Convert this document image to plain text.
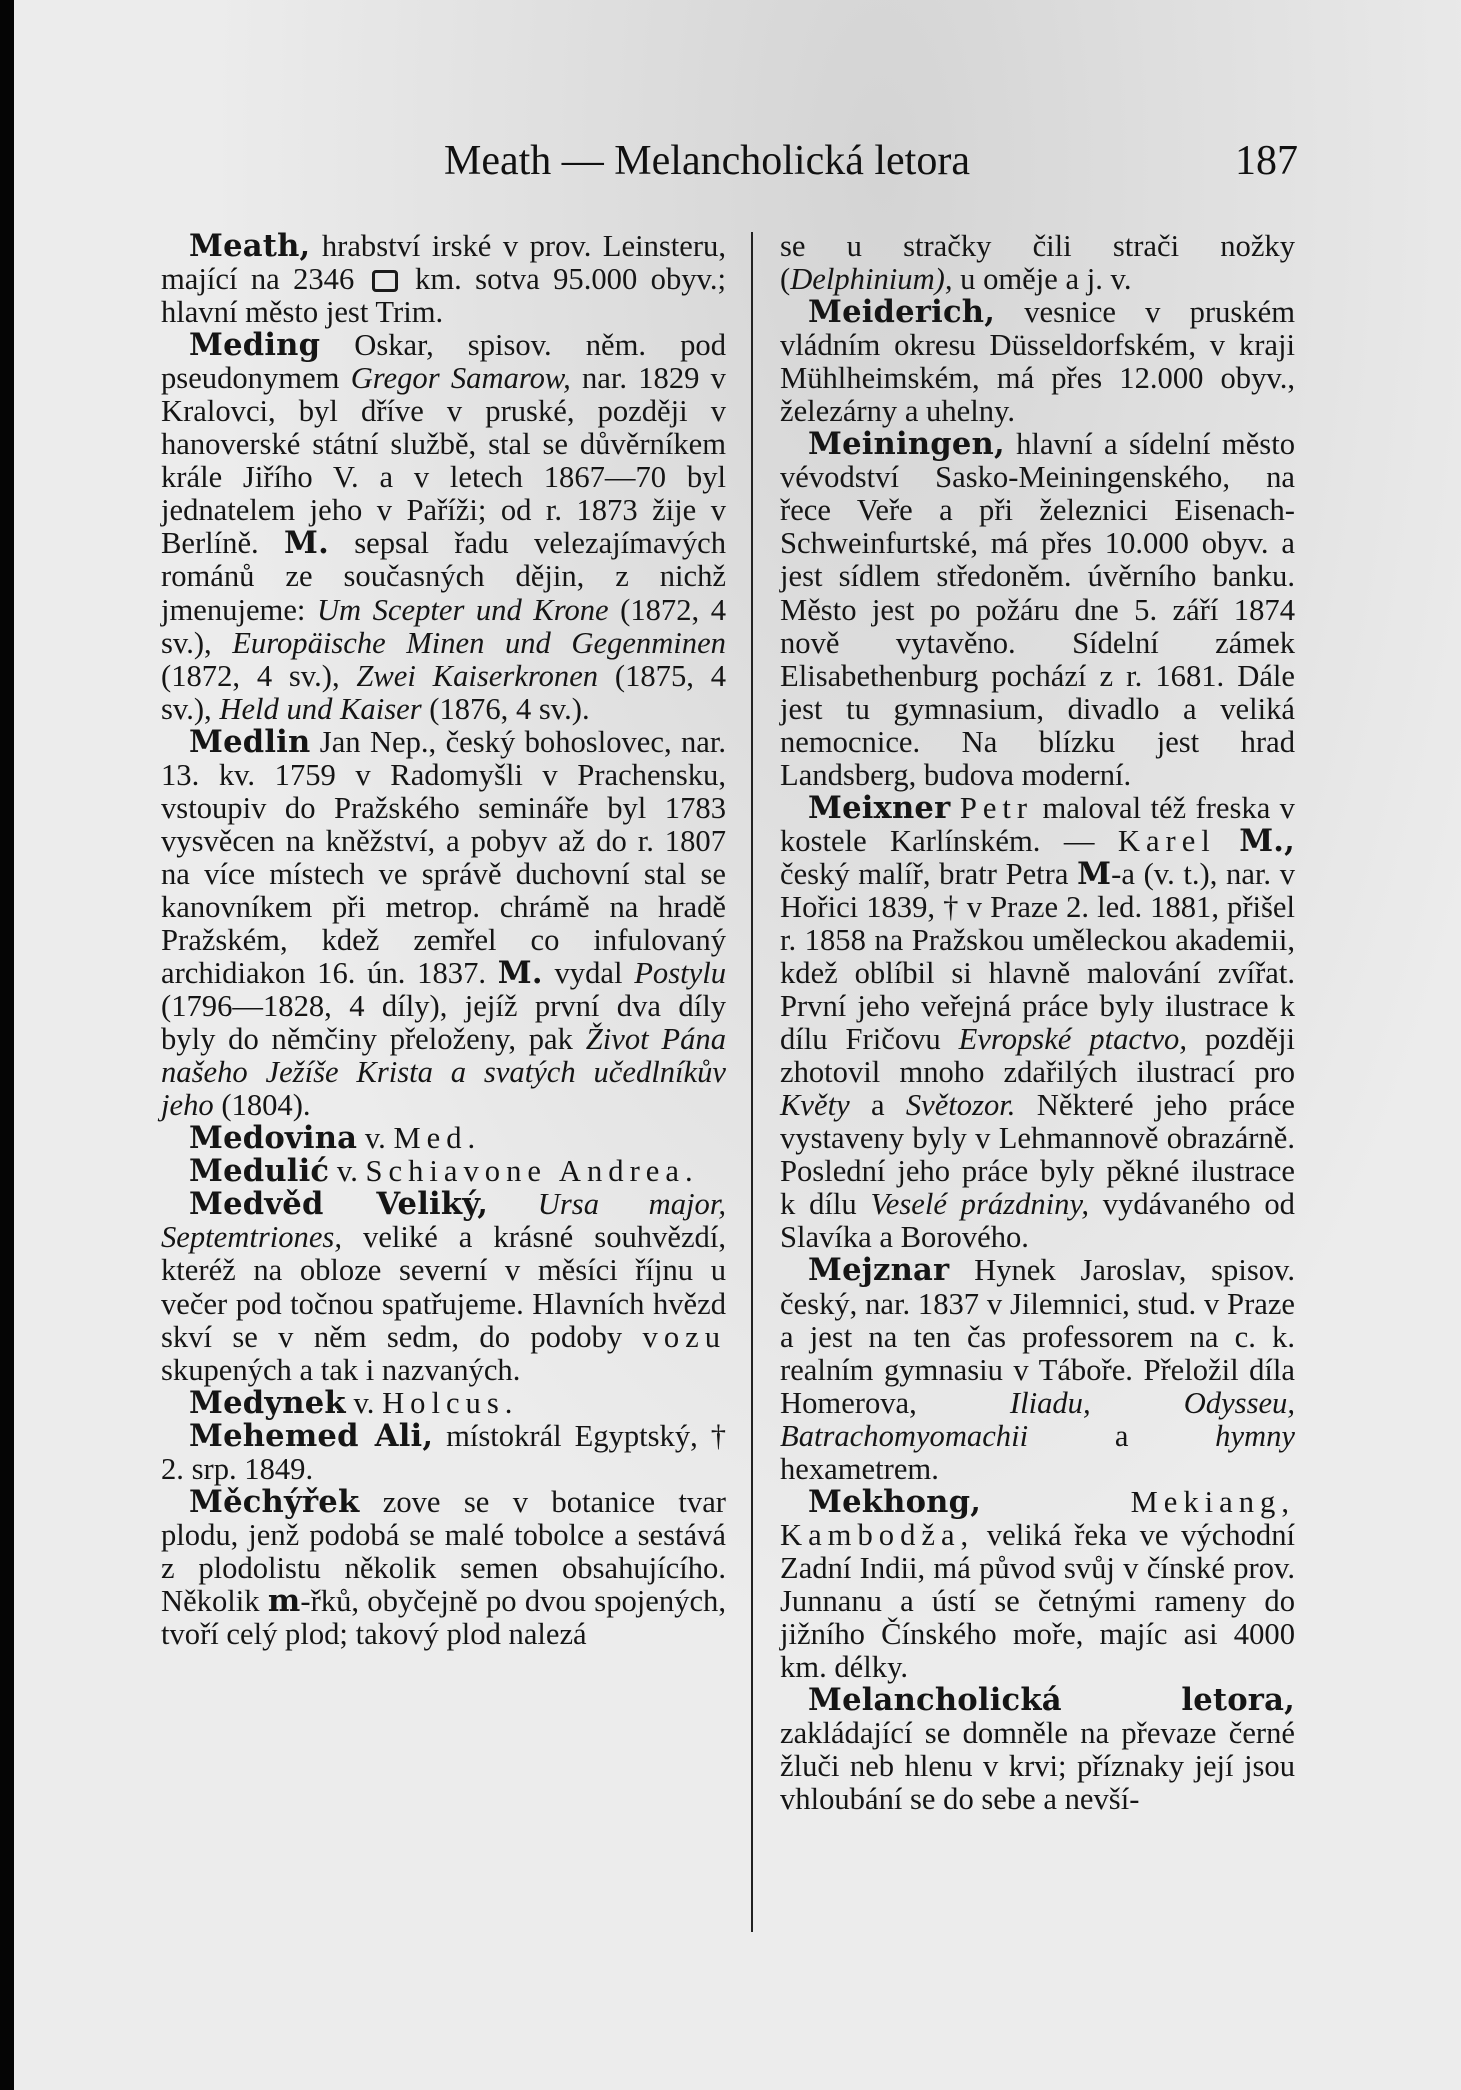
Meath — Melancholická letora	187

Meath, hrabství irské v prov. Leinsteru, mající na 2346  km. sotva 95.000 obyv.; hlavní město jest Trim.

Meding Oskar, spisov. něm. pod pseudonymem Gregor Samarow, nar. 1829 v Kralovci, byl dříve v pruské, později v hanoverské státní službě, stal se důvěrníkem krále Jiřího V. a v letech 1867—70 byl jednatelem jeho v Paříži; od r. 1873 žije v Berlíně. M. sepsal řadu velezajímavých románů ze současných dějin, z nichž jmenujeme: Um Scepter und Krone (1872, 4 sv.), Europäische Minen und Gegenminen (1872, 4 sv.), Zwei Kaiserkronen (1875, 4 sv.), Held und Kaiser (1876, 4 sv.).

Medlin Jan Nep., český bohoslovec, nar. 13. kv. 1759 v Radomyšli v Prachensku, vstoupiv do Pražského semináře byl 1783 vysvěcen na kněžství, a pobyv až do r. 1807 na více místech ve správě duchovní stal se kanovníkem při metrop. chrámě na hradě Pražském, kdež zemřel co infulovaný archidiakon 16. ún. 1837. M. vydal Postylu (1796—1828, 4 díly), jejíž první dva díly byly do němčiny přeloženy, pak Život Pána našeho Ježíše Krista a svatých učedlníkův jeho (1804).

Medovina v. Med.

Medulić v. Schiavone Andrea.

Medvěd Veliký, Ursa major, Septemtriones, veliké a krásné souhvězdí, kteréž na obloze severní v měsíci říjnu u večer pod točnou spatřujeme. Hlavních hvězd skví se v něm sedm, do podoby vozu skupených a tak i nazvaných.

Medynek v. Holcus.

Mehemed Ali, místokrál Egyptský, † 2. srp. 1849.

Měchýřek zove se v botanice tvar plodu, jenž podobá se malé tobolce a sestává z plodolistu několik semen obsahujícího. Několik m-řků, obyčejně po dvou spojených, tvoří celý plod; takový plod nalezá

se u stračky čili strači nožky (Delphinium), u oměje a j. v.

Meiderich, vesnice v pruském vládním okresu Düsseldorfském, v kraji Mühlheimském, má přes 12.000 obyv., železárny a uhelny.

Meiningen, hlavní a sídelní město vévodství Sasko-Meiningenského, na řece Veře a při železnici Eisenach-Schweinfurtské, má přes 10.000 obyv. a jest sídlem středoněm. úvěrního banku. Město jest po požáru dne 5. září 1874 nově vytavěno. Sídelní zámek Elisabethenburg pochází z r. 1681. Dále jest tu gymnasium, divadlo a veliká nemocnice. Na blízku jest hrad Landsberg, budova moderní.

Meixner Petr maloval též freska v kostele Karlínském. — Karel M., český malíř, bratr Petra M-a (v. t.), nar. v Hořici 1839, † v Praze 2. led. 1881, přišel r. 1858 na Pražskou uměleckou akademii, kdež oblíbil si hlavně malování zvířat. První jeho veřejná práce byly ilustrace k dílu Fričovu Evropské ptactvo, později zhotovil mnoho zdařilých ilustrací pro Květy a Světozor. Některé jeho práce vystaveny byly v Lehmannově obrazárně. Poslední jeho práce byly pěkné ilustrace k dílu Veselé prázdniny, vydávaného od Slavíka a Borového.

Mejznar Hynek Jaroslav, spisov. český, nar. 1837 v Jilemnici, stud. v Praze a jest na ten čas professorem na c. k. realním gymnasiu v Táboře. Přeložil díla Homerova, Iliadu, Odysseu, Batrachomyomachii a hymny hexametrem.

Mekhong,	Mekiang, Kambodža, veliká řeka ve východní Zadní Indii, má původ svůj v čínské prov. Junnanu a ústí se četnými rameny do jižního Čínského moře, majíc asi 4000 km. délky.

Melancholická letora, zakládající se domněle na převaze černé žluči neb hlenu v krvi; příznaky její jsou vhloubání se do sebe a nevší-
